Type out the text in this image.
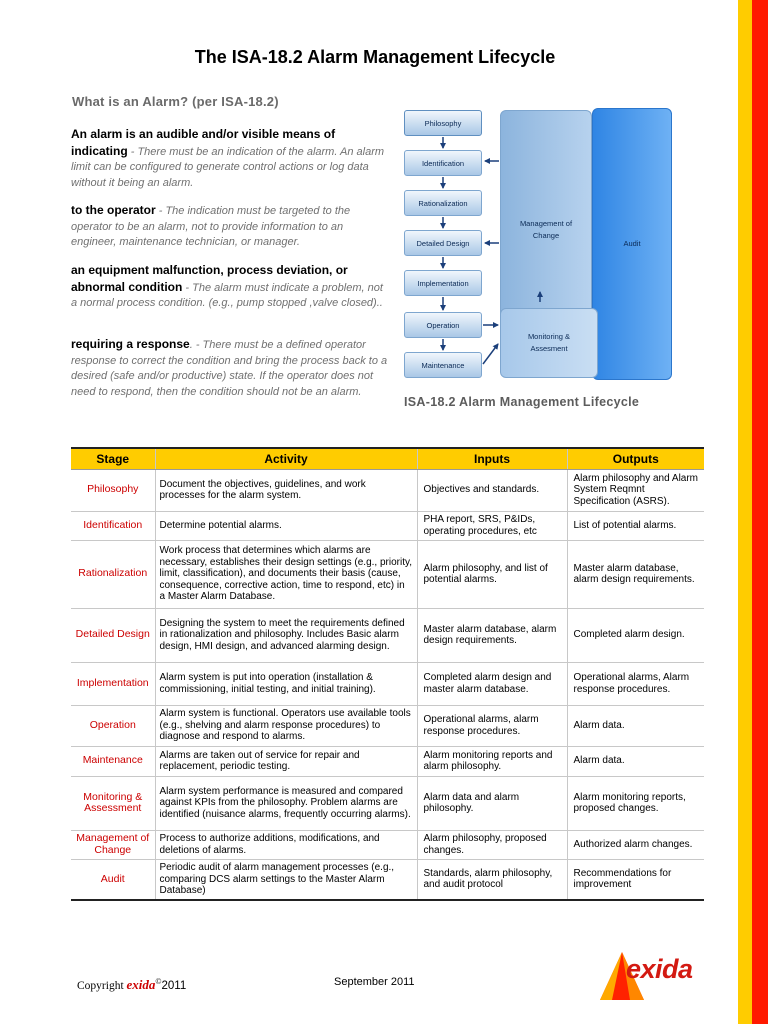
The ISA-18.2 Alarm Management Lifecycle
What is an Alarm? (per ISA-18.2)

An alarm is an audible and/or visible means of indicating - There must be an indication of the alarm. An alarm limit can be configured to generate control actions or log data without it being an alarm.

to the operator - The indication must be targeted to the operator to be an alarm, not to provide information to an engineer, maintenance technician, or manager.

an equipment malfunction, process deviation, or abnormal condition - The alarm must indicate a problem, not a normal process condition. (e.g., pump stopped ,valve closed)..

requiring a response. - There must be a defined operator response to correct the condition and bring the process back to a desired (safe and/or productive) state. If the operator does not need to respond, then the condition should not be an alarm.

Audit
Management of Change
Monitoring & Assesment
Philosophy
Identification
Rationalization
Detailed Design
Implementation
Operation
Maintenance
ISA-18.2 Alarm Management Lifecycle
Stage	Activity	Inputs	Outputs
Philosophy	Document the objectives, guidelines, and work processes for the alarm system.	Objectives and standards.	Alarm philosophy and Alarm System Reqmnt Specification (ASRS).
Identification	Determine potential alarms.	PHA report, SRS, P&IDs, operating procedures, etc	List of potential alarms.
Rationalization	Work process that determines which alarms are necessary, establishes their design settings (e.g., priority, limit, classification), and documents their basis (cause, consequence, corrective action, time to respond, etc) in a Master Alarm Database.	Alarm philosophy, and list of potential alarms.	Master alarm database, alarm design requirements.
Detailed Design	Designing the system to meet the requirements defined in rationalization and philosophy. Includes Basic alarm design, HMI design, and advanced alarming design.	Master alarm database, alarm design requirements.	Completed alarm design.
Implementation	Alarm system is put into operation (installation & commissioning, initial testing, and initial training).	Completed alarm design and master alarm database.	Operational alarms, Alarm response procedures.
Operation	Alarm system is functional. Operators use available tools (e.g., shelving and alarm response procedures) to diagnose and respond to alarms.	Operational alarms, alarm response procedures.	Alarm data.
Maintenance	Alarms are taken out of service for repair and replacement, periodic testing.	Alarm monitoring reports and alarm philosophy.	Alarm data.
Monitoring & Assessment	Alarm system performance is measured and compared against KPIs from the philosophy. Problem alarms are identified (nuisance alarms, frequently occurring alarms).	Alarm data and alarm philosophy.	Alarm monitoring reports, proposed changes.
Management of Change	Process to authorize additions, modifications, and deletions of alarms.	Alarm philosophy, proposed changes.	Authorized alarm changes.
Audit	Periodic audit of alarm management processes (e.g., comparing DCS alarm settings to the Master Alarm Database)	Standards, alarm philosophy, and audit protocol	Recommendations for improvement
Copyright exida©2011	September 2011	exida
